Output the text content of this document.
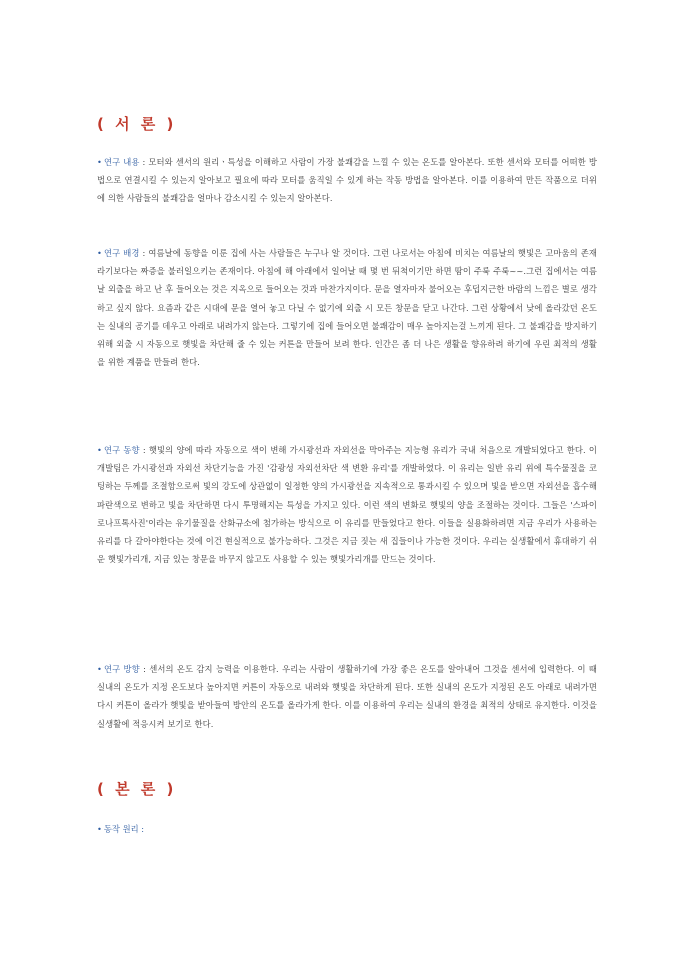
( 서 론 )
• 연구 내용 : 모터와 센서의 원리ㆍ특성을 이해하고 사람이 가장 불쾌감을 느낄 수 있는 온도를 알아본다. 또한 센서와 모터를 어떠한 방법으로 연결시킬 수 있는지 알아보고 필요에 따라 모터를 움직일 수 있게 하는 작동 방법을 알아본다. 이를 이용하여 만든 작품으로 더위에 의한 사람들의 불쾌감을 얼마나 감소시킬 수 있는지 알아본다.
• 연구 배경 : 여름날에 동향을 이룬 집에 사는 사람들은 누구나 알 것이다. 그런 나로서는 아침에 비치는 여름날의 햇빛은 고마움의 존재라기보다는 짜증을 불러일으키는 존재이다. 아침에 해 아래에서 일어날 때 몇 번 뒤척이기만 하면 땀이 주룩 주룩~~.그런 집에서는 여름날 외출을 하고 난 후 들어오는 것은 지옥으로 들어오는 것과 마찬가지이다. 문을 열자마자 불어오는 후덥지근한 바람의 느낌은 별로 생각하고 싶지 않다. 요즘과 같은 시대에 문을 열어 놓고 다닐 수 없기에 외출 시 모든 창문을 닫고 나간다. 그런 상황에서 낮에 올라갔던 온도는 실내의 공기를 데우고 아래로 내려가지 않는다. 그렇기에 집에 들어오면 불쾌감이 매우 높아지는걸 느끼게 된다. 그 불쾌감을 방지하기 위해 외출 시 자동으로 햇빛을 차단해 줄 수 있는 커튼을 만들어 보려 한다. 인간은 좀 더 나은 생활을 향유하려 하기에 우린 최적의 생활을 위한 계품을 만들려 한다.
• 연구 동향 : 햇빛의 양에 따라 자동으로 색이 변해 가시광선과 자외선을 막아주는 지능형 유리가 국내 처음으로 개발되었다고 한다. 이 개발팀은 가시광선과 자외선 차단기능을 가진 '감광성 자외선차단 색 변환 유리'를 개발하였다. 이 유리는 일반 유리 위에 특수물질을 코팅하는 두께를 조절함으로써 빛의 강도에 상관없이 일정한 양의 가시광선을 지속적으로 통과시킬 수 있으며 빛을 받으면 자외선을 흡수해 파란색으로 변하고 빛을 차단하면 다시 투명해지는 특성을 가지고 있다. 이런 색의 변화로 햇빛의 양을 조절하는 것이다. 그들은 '스파이로나프톡사진'이라는 유기물질을 산화규소에 첨가하는 방식으로 이 유리를 만들었다고 한다. 이들을 실용화하려면 지금 우리가 사용하는 유리를 다 갈아야한다는 것에 이건 현실적으로 불가능하다. 그것은 지금 짓는 새 집들이나 가능한 것이다. 우리는 실생활에서 휴대하기 쉬운 햇빛가리개, 지금 있는 창문을 바꾸지 않고도 사용할 수 있는 햇빛가리개를 만드는 것이다.
• 연구 방향 : 센서의 온도 감지 능력을 이용한다. 우리는 사람이 생활하기에 가장 좋은 온도를 알아내어 그것을 센서에 입력한다. 이 때 실내의 온도가 지정 온도보다 높아지면 커튼이 자동으로 내려와 햇빛을 차단하게 된다. 또한 실내의 온도가 지정된 온도 아래로 내려가면 다시 커튼이 올라가 햇빛을 받아들여 방안의 온도를 올라가게 한다. 이를 이용하여 우리는 실내의 환경을 최적의 상태로 유지한다. 이것을 실생활에 적응시켜 보기로 한다.
( 본 론 )
• 동작 원리 :
